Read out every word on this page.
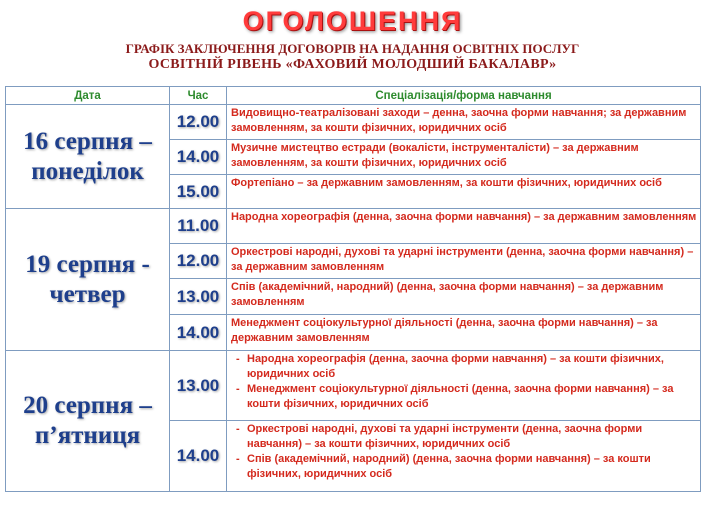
ОГОЛОШЕННЯ
ГРАФІК ЗАКЛЮЧЕННЯ ДОГОВОРІВ НА НАДАННЯ ОСВІТНІХ ПОСЛУГ
ОСВІТНІЙ РІВЕНЬ «ФАХОВИЙ МОЛОДШИЙ БАКАЛАВР»
Дата	Час	Спеціалізація/форма навчання
16 серпня – понеділок	12.00	Видовищно-театралізовані заходи – денна, заочна форми навчання; за державним замовленням, за кошти фізичних, юридичних осіб
	14.00	Музичне мистецтво естради (вокалісти, інструменталісти) – за державним замовленням, за кошти фізичних, юридичних осіб
	15.00	Фортепіано – за державним замовленням, за кошти фізичних, юридичних осіб
19 серпня - четвер	11.00	Народна хореографія (денна, заочна форми навчання) – за державним замовленням
	12.00	Оркестрові народні, духові та ударні інструменти (денна, заочна форми навчання) – за державним замовленням
	13.00	Спів (академічний, народний) (денна, заочна форми навчання) – за державним замовленням
	14.00	Менеджмент соціокультурної діяльності (денна, заочна форми навчання) – за державним замовленням
20 серпня – п’ятниця	13.00	- Народна хореографія (денна, заочна форми навчання) – за кошти фізичних, юридичних осіб
- Менеджмент соціокультурної діяльності (денна, заочна форми навчання) – за кошти фізичних, юридичних осіб

	14.00	- Оркестрові народні, духові та ударні інструменти (денна, заочна форми навчання) – за кошти фізичних, юридичних осіб
- Спів (академічний, народний) (денна, заочна форми навчання) – за кошти фізичних, юридичних осіб
